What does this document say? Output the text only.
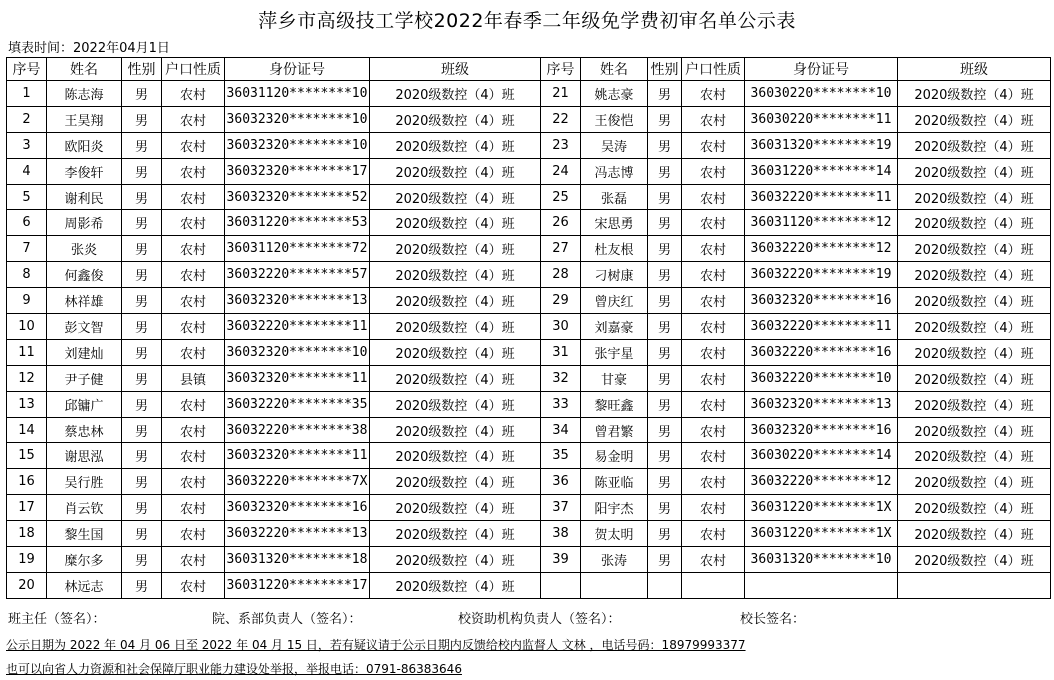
萍乡市高级技工学校2022年春季二年级免学费初审名单公示表
填表时间：2022年04月1日
序号	姓名	性别	户口性质	身份证号	班级	序号	姓名	性别	户口性质	身份证号	班级
1	陈志海	男	农村	36031120********10	2020级数控（4）班	21	姚志豪	男	农村	36030220********10	2020级数控（4）班
2	王昊翔	男	农村	36032320********10	2020级数控（4）班	22	王俊恺	男	农村	36030220********11	2020级数控（4）班
3	欧阳炎	男	农村	36032320********10	2020级数控（4）班	23	吴涛	男	农村	36031320********19	2020级数控（4）班
4	李俊轩	男	农村	36032320********17	2020级数控（4）班	24	冯志博	男	农村	36031220********14	2020级数控（4）班
5	谢利民	男	农村	36032320********52	2020级数控（4）班	25	张磊	男	农村	36032220********11	2020级数控（4）班
6	周影希	男	农村	36031220********53	2020级数控（4）班	26	宋思勇	男	农村	36031120********12	2020级数控（4）班
7	张炎	男	农村	36031120********72	2020级数控（4）班	27	杜友根	男	农村	36032220********12	2020级数控（4）班
8	何鑫俊	男	农村	36032220********57	2020级数控（4）班	28	刁树康	男	农村	36032220********19	2020级数控（4）班
9	林祥雄	男	农村	36032320********13	2020级数控（4）班	29	曾庆红	男	农村	36032320********16	2020级数控（4）班
10	彭文智	男	农村	36032220********11	2020级数控（4）班	30	刘嘉豪	男	农村	36032220********11	2020级数控（4）班
11	刘建灿	男	农村	36032320********10	2020级数控（4）班	31	张宇星	男	农村	36032220********16	2020级数控（4）班
12	尹子健	男	县镇	36032320********11	2020级数控（4）班	32	甘豪	男	农村	36032220********10	2020级数控（4）班
13	邱镛广	男	农村	36032220********35	2020级数控（4）班	33	黎旺鑫	男	农村	36032320********13	2020级数控（4）班
14	蔡忠林	男	农村	36032220********38	2020级数控（4）班	34	曾君繁	男	农村	36032320********16	2020级数控（4）班
15	谢思泓	男	农村	36032320********11	2020级数控（4）班	35	易金明	男	农村	36030220********14	2020级数控（4）班
16	吴行胜	男	农村	36032220********7X	2020级数控（4）班	36	陈亚临	男	农村	36032220********12	2020级数控（4）班
17	肖云钦	男	农村	36032320********16	2020级数控（4）班	37	阳宇杰	男	农村	36031220********1X	2020级数控（4）班
18	黎生国	男	农村	36032220********13	2020级数控（4）班	38	贺太明	男	农村	36031220********1X	2020级数控（4）班
19	糜尔多	男	农村	36031320********18	2020级数控（4）班	39	张涛	男	农村	36031320********10	2020级数控（4）班
20	林远志	男	农村	36031220********17	2020级数控（4）班						
班主任（签名）：	院、系部负责人（签名）：	校资助机构负责人（签名）：	校长签名：
公示日期为 2022 年 04 月 06 日至 2022 年 04 月 15 日，若有疑议请于公示日期内反馈给校内监督人 文林 ，电话号码：18979993377
也可以向省人力资源和社会保障厅职业能力建设处举报，举报电话：0791-86383646
